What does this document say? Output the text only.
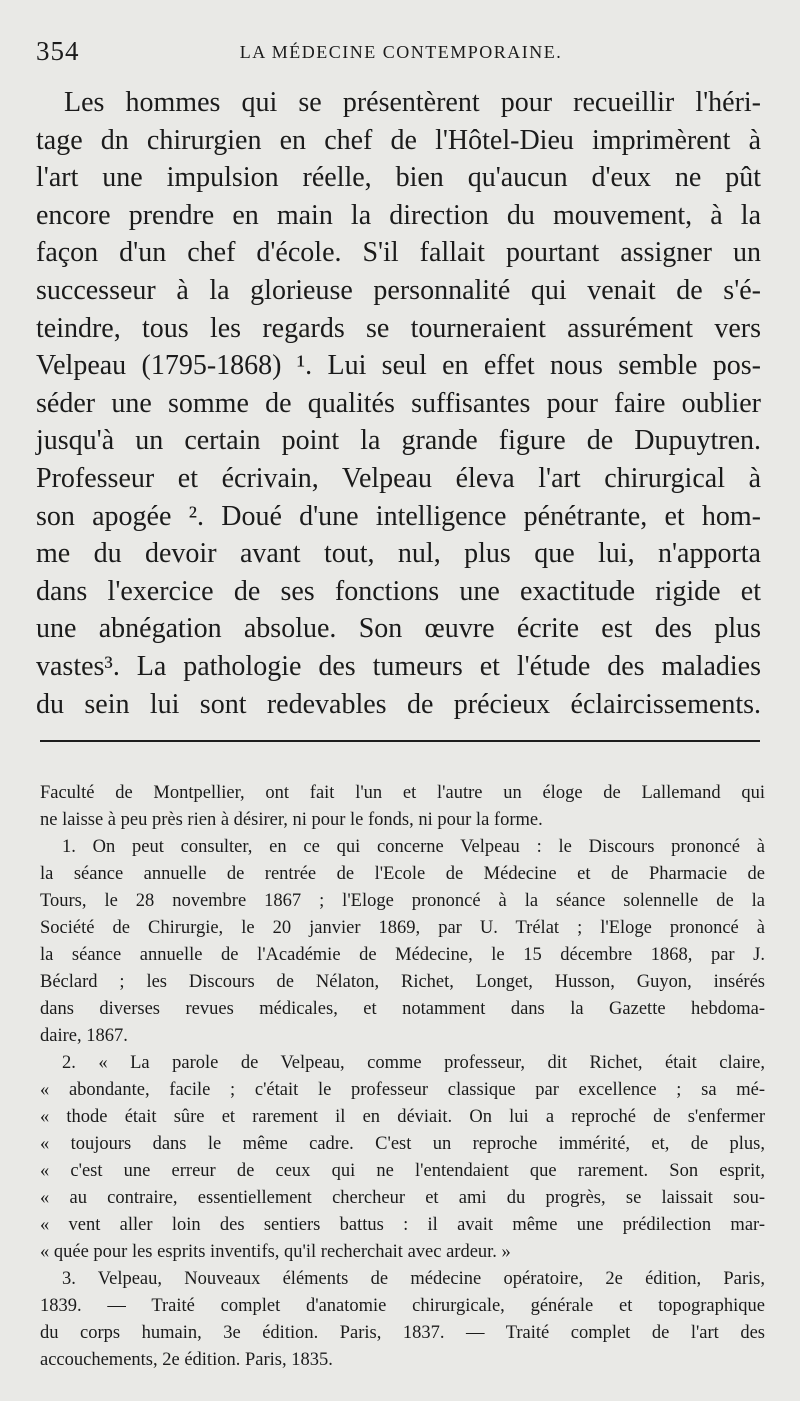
354	LA MÉDECINE CONTEMPORAINE.

Les hommes qui se présentèrent pour recueillir l'héri-

tage dn chirurgien en chef de l'Hôtel-Dieu imprimèrent à

l'art une impulsion réelle, bien qu'aucun d'eux ne pût

encore prendre en main la direction du mouvement, à la

façon d'un chef d'école. S'il fallait pourtant assigner un

successeur à la glorieuse personnalité qui venait de s'é-

teindre, tous les regards se tourneraient assurément vers

Velpeau (1795-1868) ¹. Lui seul en effet nous semble pos-

séder une somme de qualités suffisantes pour faire oublier

jusqu'à un certain point la grande figure de Dupuytren.

Professeur et écrivain, Velpeau éleva l'art chirurgical à

son apogée ². Doué d'une intelligence pénétrante, et hom-

me du devoir avant tout, nul, plus que lui, n'apporta

dans l'exercice de ses fonctions une exactitude rigide et

une abnégation absolue. Son œuvre écrite est des plus

vastes³. La pathologie des tumeurs et l'étude des maladies

du sein lui sont redevables de précieux éclaircissements.

Faculté de Montpellier, ont fait l'un et l'autre un éloge de Lallemand qui

ne laisse à peu près rien à désirer, ni pour le fonds, ni pour la forme.

1. On peut consulter, en ce qui concerne Velpeau : le Discours prononcé à

la séance annuelle de rentrée de l'Ecole de Médecine et de Pharmacie de

Tours, le 28 novembre 1867 ; l'Eloge prononcé à la séance solennelle de la

Société de Chirurgie, le 20 janvier 1869, par U. Trélat ; l'Eloge prononcé à

la séance annuelle de l'Académie de Médecine, le 15 décembre 1868, par J.

Béclard ; les Discours de Nélaton, Richet, Longet, Husson, Guyon, insérés

dans diverses revues médicales, et notamment dans la Gazette hebdoma-

daire, 1867.

2. « La parole de Velpeau, comme professeur, dit Richet, était claire,

« abondante, facile ; c'était le professeur classique par excellence ; sa mé-

« thode était sûre et rarement il en déviait. On lui a reproché de s'enfermer

« toujours dans le même cadre. C'est un reproche immérité, et, de plus,

« c'est une erreur de ceux qui ne l'entendaient que rarement. Son esprit,

« au contraire, essentiellement chercheur et ami du progrès, se laissait sou-

« vent aller loin des sentiers battus : il avait même une prédilection mar-

« quée pour les esprits inventifs, qu'il recherchait avec ardeur. »

3. Velpeau, Nouveaux éléments de médecine opératoire, 2e édition, Paris,

1839. — Traité complet d'anatomie chirurgicale, générale et topographique

du corps humain, 3e édition. Paris, 1837. — Traité complet de l'art des

accouchements, 2e édition. Paris, 1835.
